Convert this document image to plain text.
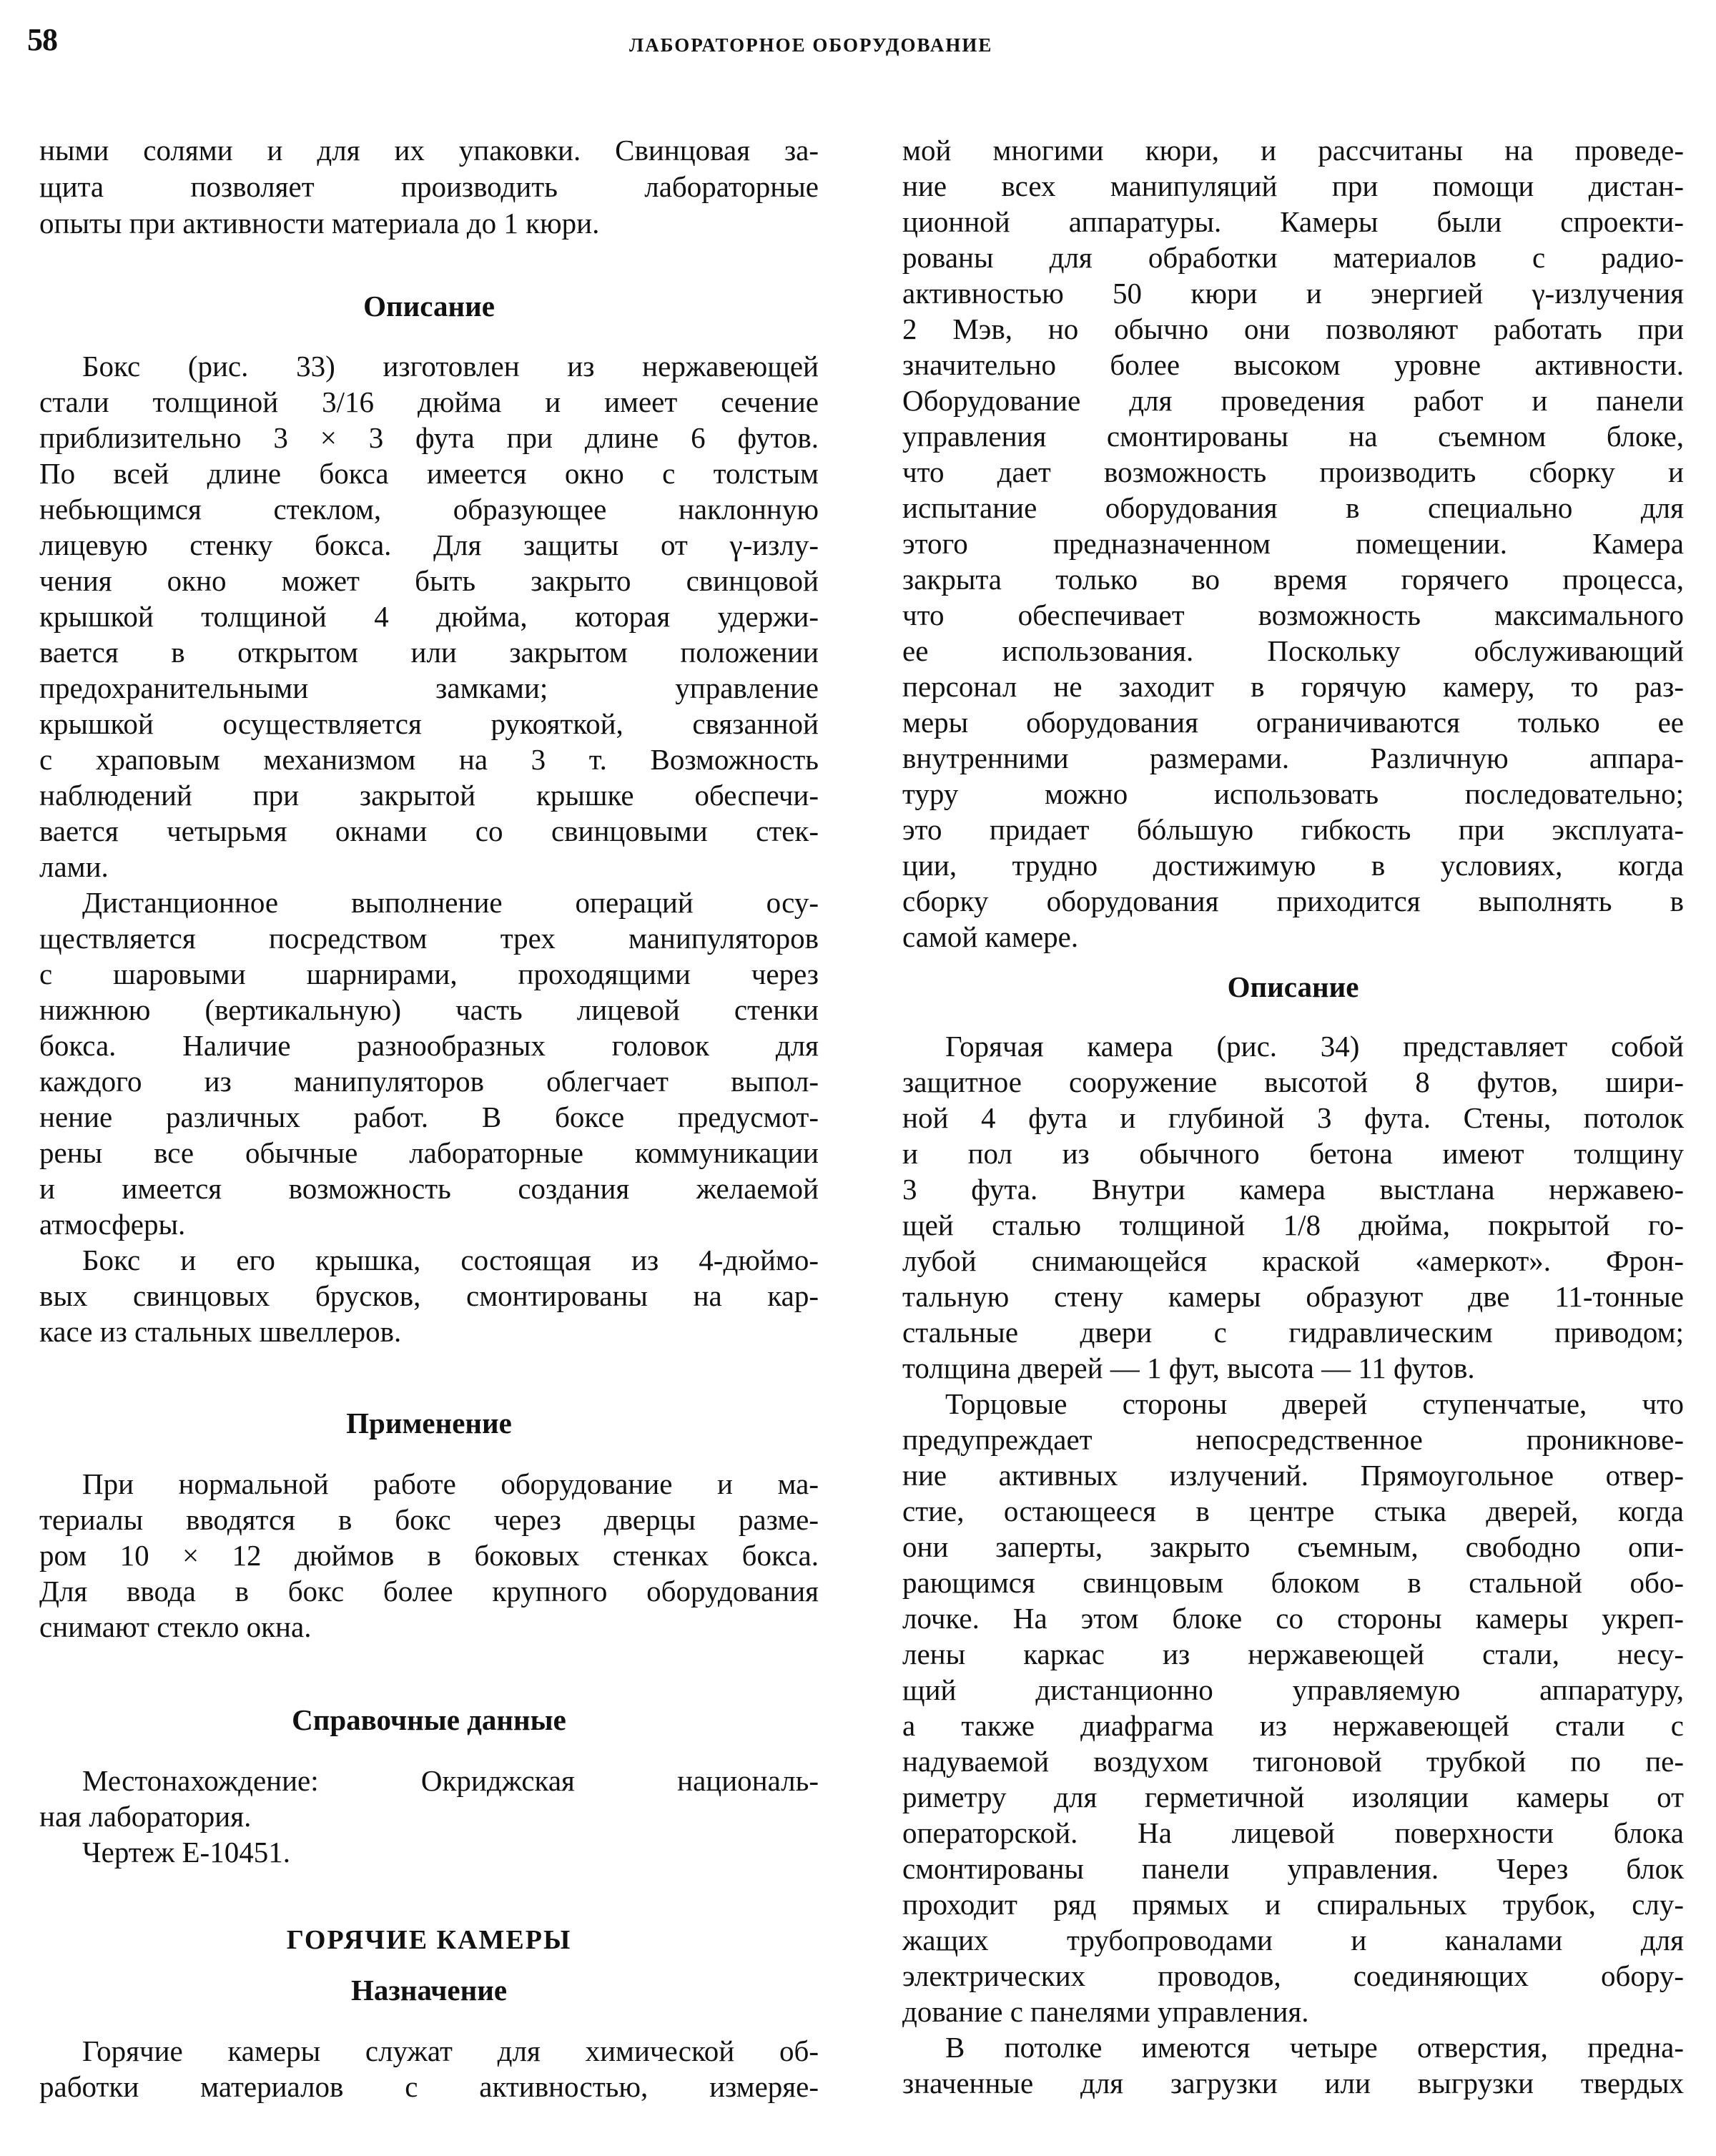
58	ЛАБОРАТОРНОЕ ОБОРУДОВАНИЕ
ными солями и для их упаковки. Свинцовая за-
щита позволяет производить лабораторные
опыты при активности материала до 1 кюри.
Описание
Бокс (рис. 33) изготовлен из нержавеющей
стали толщиной 3/16 дюйма и имеет сечение
приблизительно 3 × 3 фута при длине 6 футов.
По всей длине бокса имеется окно с толстым
небьющимся стеклом, образующее наклонную
лицевую стенку бокса. Для защиты от γ-излу-
чения окно может быть закрыто свинцовой
крышкой толщиной 4 дюйма, которая удержи-
вается в открытом или закрытом положении
предохранительными замками; управление
крышкой осуществляется рукояткой, связанной
с храповым механизмом на 3 т. Возможность
наблюдений при закрытой крышке обеспечи-
вается четырьмя окнами со свинцовыми стек-
лами.
Дистанционное выполнение операций осу-
ществляется посредством трех манипуляторов
с шаровыми шарнирами, проходящими через
нижнюю (вертикальную) часть лицевой стенки
бокса. Наличие разнообразных головок для
каждого из манипуляторов облегчает выпол-
нение различных работ. В боксе предусмот-
рены все обычные лабораторные коммуникации
и имеется возможность создания желаемой
атмосферы.
Бокс и его крышка, состоящая из 4-дюймо-
вых свинцовых брусков, смонтированы на кар-
касе из стальных швеллеров.
Применение
При нормальной работе оборудование и ма-
териалы вводятся в бокс через дверцы разме-
ром 10 × 12 дюймов в боковых стенках бокса.
Для ввода в бокс более крупного оборудования
снимают стекло окна.
Справочные данные
Местонахождение: Окриджская националь-
ная лаборатория.
Чертеж Е-10451.
ГОРЯЧИЕ КАМЕРЫ
Назначение
Горячие камеры служат для химической об-
работки материалов с активностью, измеряе-
мой многими кюри, и рассчитаны на проведе-
ние всех манипуляций при помощи дистан-
ционной аппаратуры. Камеры были спроекти-
рованы для обработки материалов с радио-
активностью 50 кюри и энергией γ-излучения
2 Мэв, но обычно они позволяют работать при
значительно более высоком уровне активности.
Оборудование для проведения работ и панели
управления смонтированы на съемном блоке,
что дает возможность производить сборку и
испытание оборудования в специально для
этого предназначенном помещении. Камера
закрыта только во время горячего процесса,
что обеспечивает возможность максимального
ее использования. Поскольку обслуживающий
персонал не заходит в горячую камеру, то раз-
меры оборудования ограничиваются только ее
внутренними размерами. Различную аппара-
туру можно использовать последовательно;
это придает бóльшую гибкость при эксплуата-
ции, трудно достижимую в условиях, когда
сборку оборудования приходится выполнять в
самой камере.
Описание
Горячая камера (рис. 34) представляет собой
защитное сооружение высотой 8 футов, шири-
ной 4 фута и глубиной 3 фута. Стены, потолок
и пол из обычного бетона имеют толщину
3 фута. Внутри камера выстлана нержавею-
щей сталью толщиной 1/8 дюйма, покрытой го-
лубой снимающейся краской «амеркот». Фрон-
тальную стену камеры образуют две 11-тонные
стальные двери с гидравлическим приводом;
толщина дверей — 1 фут, высота — 11 футов.
Торцовые стороны дверей ступенчатые, что
предупреждает непосредственное проникнове-
ние активных излучений. Прямоугольное отвер-
стие, остающееся в центре стыка дверей, когда
они заперты, закрыто съемным, свободно опи-
рающимся свинцовым блоком в стальной обо-
лочке. На этом блоке со стороны камеры укреп-
лены каркас из нержавеющей стали, несу-
щий дистанционно управляемую аппаратуру,
а также диафрагма из нержавеющей стали с
надуваемой воздухом тигоновой трубкой по пе-
риметру для герметичной изоляции камеры от
операторской. На лицевой поверхности блока
смонтированы панели управления. Через блок
проходит ряд прямых и спиральных трубок, слу-
жащих трубопроводами и каналами для
электрических проводов, соединяющих обору-
дование с панелями управления.
В потолке имеются четыре отверстия, предна-
значенные для загрузки или выгрузки твердых
